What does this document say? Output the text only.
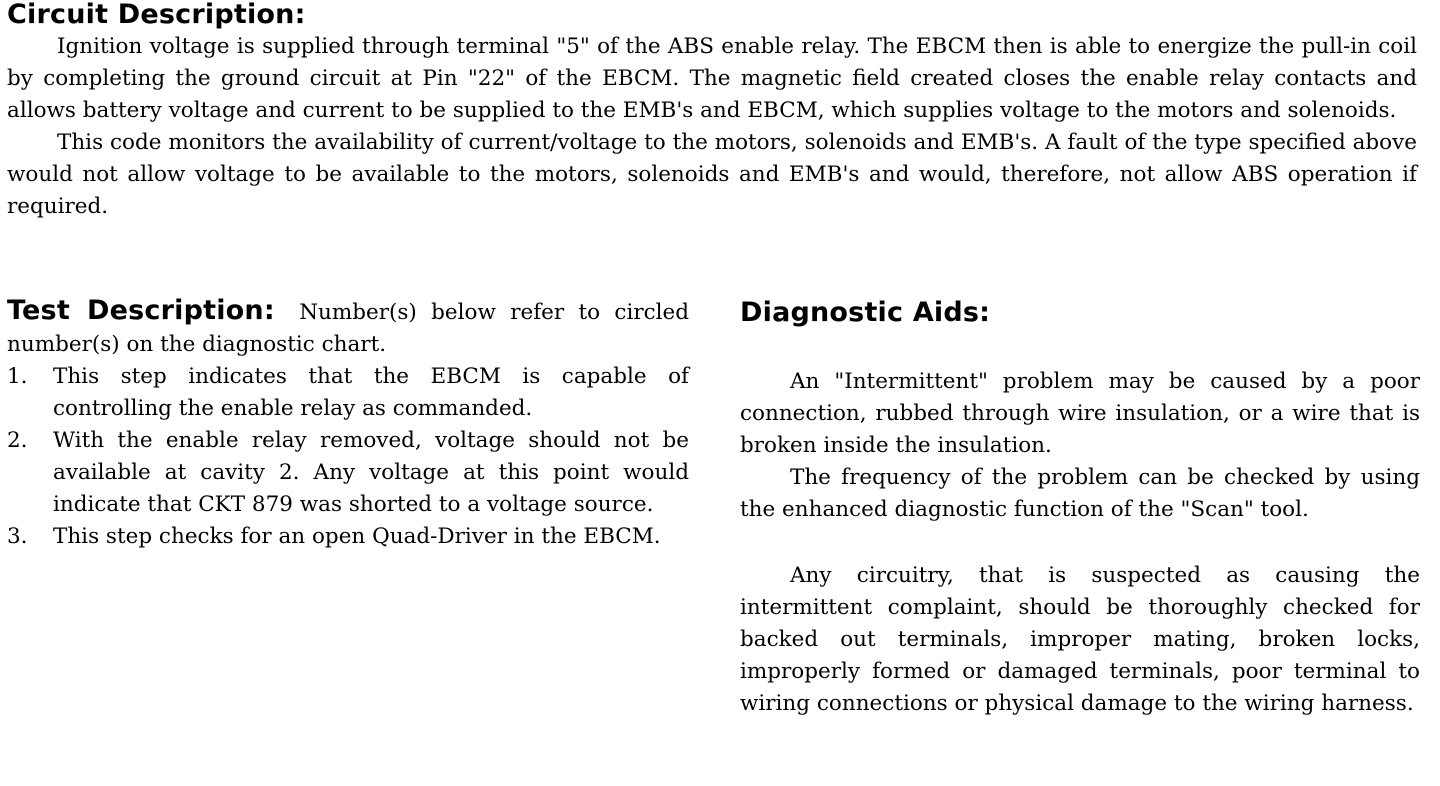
Circuit Description:

Ignition voltage is supplied through terminal "5" of the ABS enable relay. The EBCM then is able to energize the pull-in coil by completing the ground circuit at Pin "22" of the EBCM. The magnetic field created closes the enable relay contacts and allows battery voltage and current to be supplied to the EMB's and EBCM, which supplies voltage to the motors and solenoids.

This code monitors the availability of current/voltage to the motors, solenoids and EMB's. A fault of the type specified above would not allow voltage to be available to the motors, solenoids and EMB's and would, therefore, not allow ABS operation if required.

Test Description: Number(s) below refer to circled number(s) on the diagnostic chart.

1. This step indicates that the EBCM is capable of controlling the enable relay as commanded.
2. With the enable relay removed, voltage should not be available at cavity 2. Any voltage at this point would indicate that CKT 879 was shorted to a voltage source.
3. This step checks for an open Quad-Driver in the EBCM.
Diagnostic Aids:

An "Intermittent" problem may be caused by a poor connection, rubbed through wire insulation, or a wire that is broken inside the insulation.

The frequency of the problem can be checked by using the enhanced diagnostic function of the "Scan" tool.

Any circuitry, that is suspected as causing the intermittent complaint, should be thoroughly checked for backed out terminals, improper mating, broken locks, improperly formed or damaged terminals, poor terminal to wiring connections or physical damage to the wiring harness.
